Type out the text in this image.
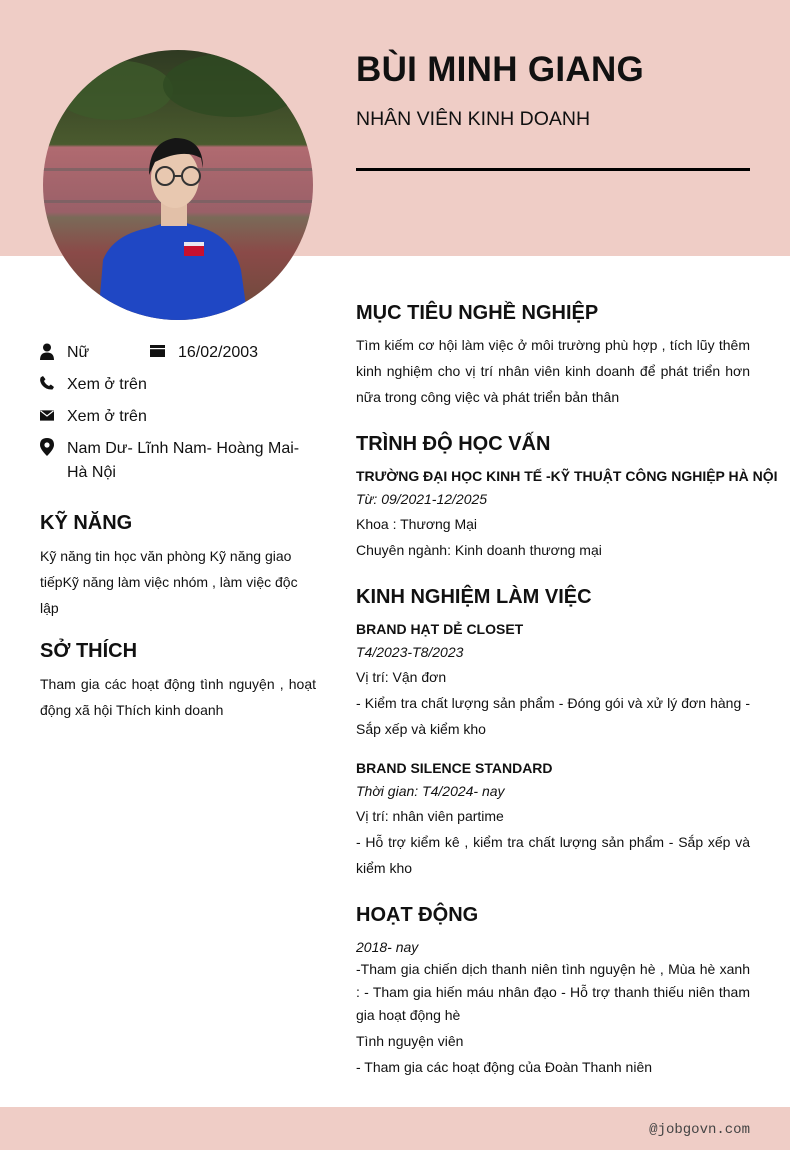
BÙI MINH GIANG
NHÂN VIÊN KINH DOANH
Nữ	16/02/2003
Xem ở trên
Xem ở trên
Nam Dư- Lĩnh Nam- Hoàng Mai- Hà Nội
KỸ NĂNG
Kỹ năng tin học văn phòng Kỹ năng giao tiếpKỹ năng làm việc nhóm , làm việc độc lập
SỞ THÍCH
Tham gia các hoạt động tình nguyện , hoạt động xã hội Thích kinh doanh
MỤC TIÊU NGHỀ NGHIỆP
Tìm kiếm cơ hội làm việc ở môi trường phù hợp , tích lũy thêm kinh nghiệm cho vị trí nhân viên kinh doanh để phát triển hơn nữa trong công việc và phát triển bản thân
TRÌNH ĐỘ HỌC VẤN
TRƯỜNG ĐẠI HỌC KINH TẾ -KỸ THUẬT CÔNG NGHIỆP HÀ NỘI
Từ: 09/2021-12/2025
Khoa : Thương Mại
Chuyên ngành: Kinh doanh thương mại
KINH NGHIỆM LÀM VIỆC
BRAND HẠT DẺ CLOSET
T4/2023-T8/2023
Vị trí: Vận đơn
- Kiểm tra chất lượng sản phẩm - Đóng gói và xử lý đơn hàng - Sắp xếp và kiểm kho
BRAND SILENCE STANDARD
Thời gian: T4/2024- nay
Vị trí: nhân viên partime
- Hỗ trợ kiểm kê , kiểm tra chất lượng sản phẩm - Sắp xếp và kiểm kho
HOẠT ĐỘNG
2018- nay
-Tham gia chiến dịch thanh niên tình nguyện hè , Mùa hè xanh : - Tham gia hiến máu nhân đạo - Hỗ trợ thanh thiếu niên tham gia hoạt động hè
Tình nguyện viên
- Tham gia các hoạt động của Đoàn Thanh niên
@jobgovn.com
